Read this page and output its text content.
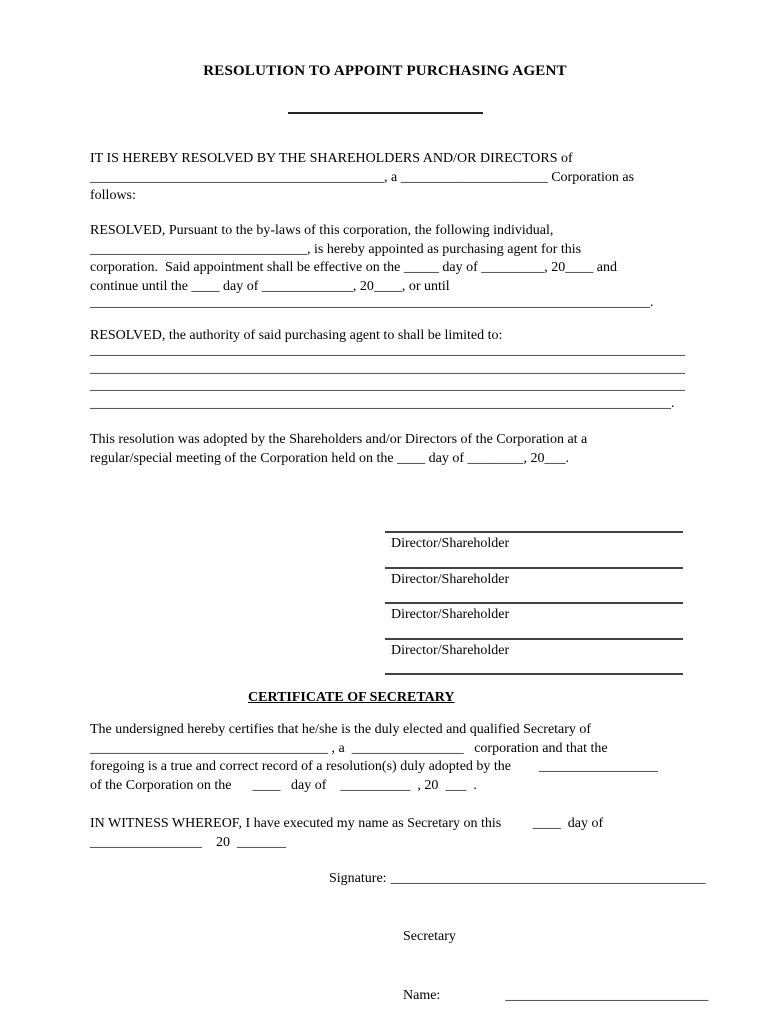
RESOLUTION TO APPOINT PURCHASING AGENT
IT IS HEREBY RESOLVED BY THE SHAREHOLDERS AND/OR DIRECTORS of
__________________________________________, a _____________________ Corporation as
follows:
RESOLVED, Pursuant to the by-laws of this corporation, the following individual,
_______________________________, is hereby appointed as purchasing agent for this
corporation.  Said appointment shall be effective on the _____ day of _________, 20____ and
continue until the ____ day of _____________, 20____, or until
________________________________________________________________________________.
RESOLVED, the authority of said purchasing agent to shall be limited to:
_____________________________________________________________________________________
_____________________________________________________________________________________
_____________________________________________________________________________________
___________________________________________________________________________________.
This resolution was adopted by the Shareholders and/or Directors of the Corporation at a
regular/special meeting of the Corporation held on the ____ day of ________, 20___.
Director/Shareholder
Director/Shareholder
Director/Shareholder
Director/Shareholder
CERTIFICATE OF SECRETARY
The undersigned hereby certifies that he/she is the duly elected and qualified Secretary of
__________________________________ , a  ________________   corporation and that the
foregoing is a true and correct record of a resolution(s) duly adopted by the        _________________
of the Corporation on the      ____   day of    __________  , 20  ___  .
IN WITNESS WHEREOF, I have executed my name as Secretary on this         ____  day of
________________    20  _______

Signature: _____________________________________________

Secretary

Name:	_____________________________
